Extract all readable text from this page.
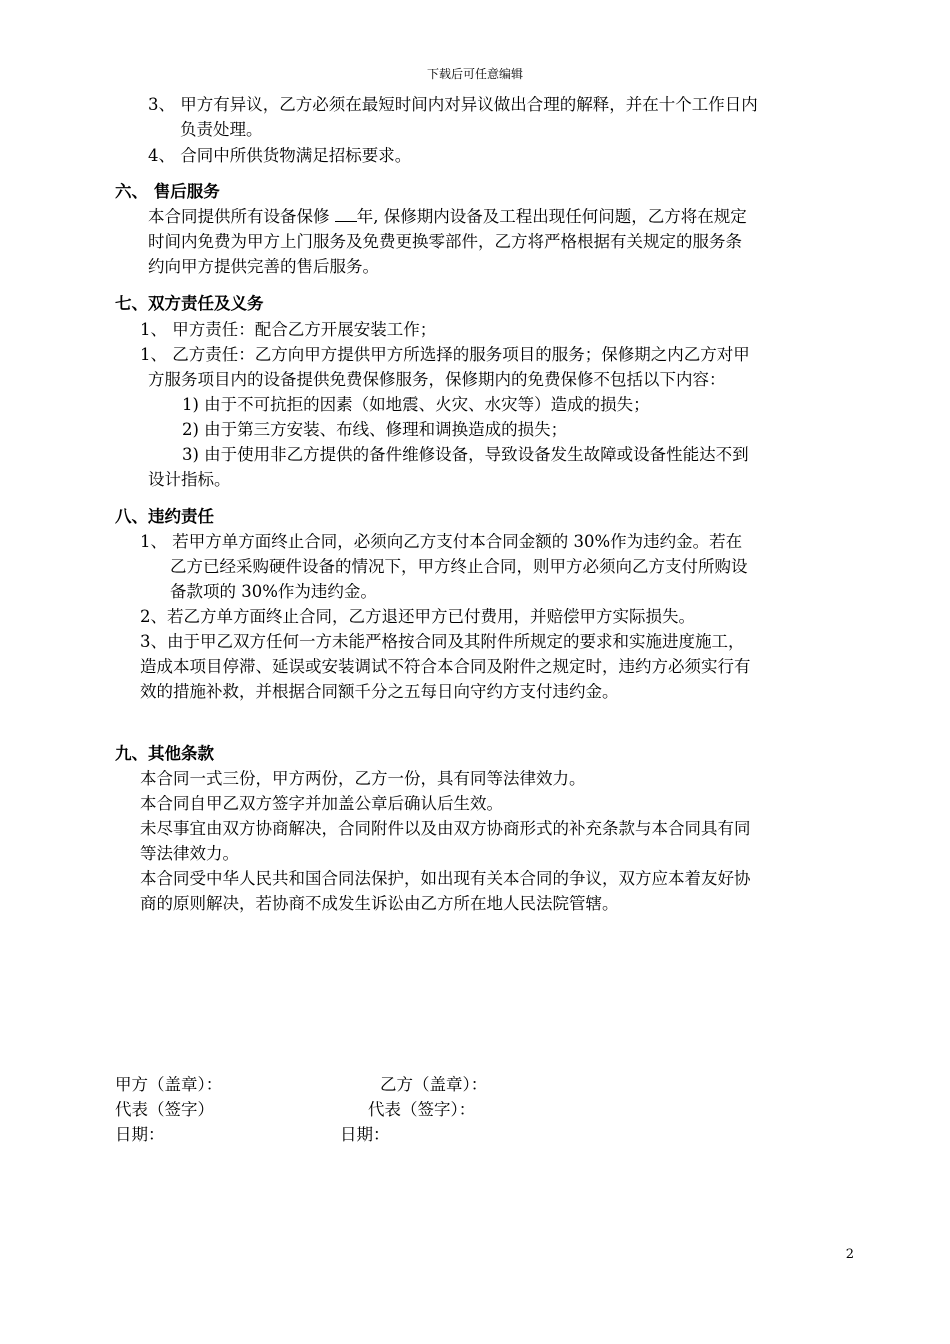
下载后可任意编辑
3、 甲方有异议，乙方必须在最短时间内对异议做出合理的解释，并在十个工作日内
负责处理。
4、 合同中所供货物满足招标要求。
六、 售后服务
本合同提供所有设备保修 年, 保修期内设备及工程出现任何问题，乙方将在规定
时间内免费为甲方上门服务及免费更换零部件，乙方将严格根据有关规定的服务条
约向甲方提供完善的售后服务。
七、双方责任及义务
1、 甲方责任：配合乙方开展安装工作；
1、 乙方责任：乙方向甲方提供甲方所选择的服务项目的服务；保修期之内乙方对甲
方服务项目内的设备提供免费保修服务，保修期内的免费保修不包括以下内容：
1) 由于不可抗拒的因素（如地震、火灾、水灾等）造成的损失；
2) 由于第三方安装、布线、修理和调换造成的损失；
3) 由于使用非乙方提供的备件维修设备，导致设备发生故障或设备性能达不到
设计指标。
八、违约责任
1、 若甲方单方面终止合同，必须向乙方支付本合同金额的 30%作为违约金。若在
乙方已经采购硬件设备的情况下，甲方终止合同，则甲方必须向乙方支付所购设
备款项的 30%作为违约金。
2、若乙方单方面终止合同，乙方退还甲方已付费用，并赔偿甲方实际损失。
3、由于甲乙双方任何一方未能严格按合同及其附件所规定的要求和实施进度施工，
造成本项目停滞、延误或安装调试不符合本合同及附件之规定时，违约方必须实行有
效的措施补救，并根据合同额千分之五每日向守约方支付违约金。
九、其他条款
本合同一式三份，甲方两份，乙方一份，具有同等法律效力。
本合同自甲乙双方签字并加盖公章后确认后生效。
未尽事宜由双方协商解决，合同附件以及由双方协商形式的补充条款与本合同具有同
等法律效力。
本合同受中华人民共和国合同法保护，如出现有关本合同的争议，双方应本着友好协
商的原则解决，若协商不成发生诉讼由乙方所在地人民法院管辖。
甲方（盖章）：	乙方（盖章）：
代表（签字）	代表（签字）：
日期：	日期：
2
